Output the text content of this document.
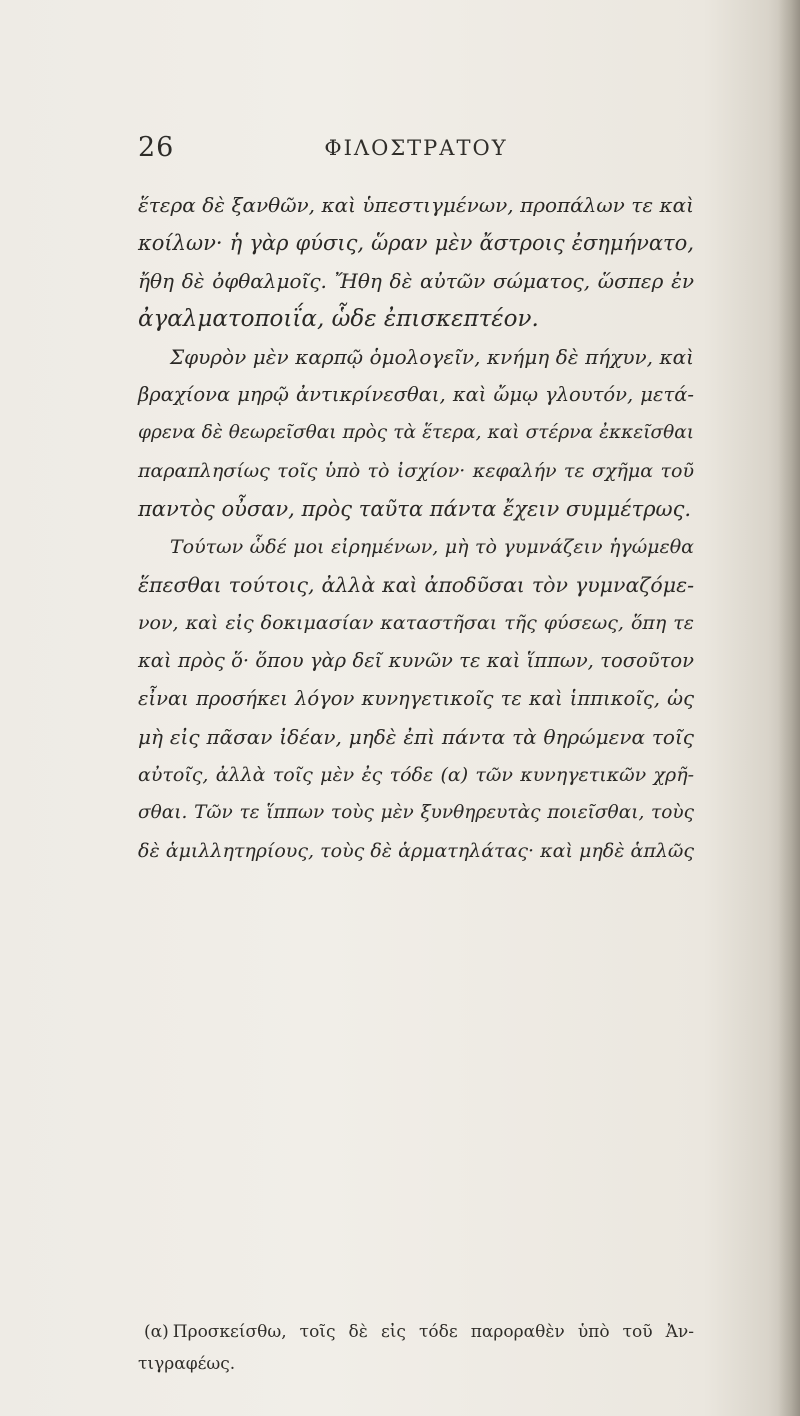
26	ΦΙΛΟΣΤΡΑΤΟΥ
ἕτερα δὲ ξανθῶν, καὶ ὑπεστιγμένων, προπάλων τε καὶ
κοίλων· ἡ γὰρ φύσις, ὥραν μὲν ἄστροις ἐσημήνατο,
ἤθη δὲ ὀφθαλμοῖς. Ἤθη δὲ αὐτῶν σώματος, ὥσπερ ἐν
ἀγαλματοποιΐα, ὧδε ἐπισκεπτέον.
Σφυρὸν μὲν καρπῷ ὁμολογεῖν, κνήμη δὲ πήχυν, καὶ
βραχίονα μηρῷ ἀντικρίνεσθαι, καὶ ὤμῳ γλουτόν, μετά-
φρενα δὲ θεωρεῖσθαι πρὸς τὰ ἕτερα, καὶ στέρνα ἐκκεῖσθαι
παραπλησίως τοῖς ὑπὸ τὸ ἰσχίον· κεφαλήν τε σχῆμα τοῦ
παντὸς οὖσαν, πρὸς ταῦτα πάντα ἔχειν συμμέτρως.
Τούτων ὧδέ μοι εἰρημένων, μὴ τὸ γυμνάζειν ἡγώμεθα
ἕπεσθαι τούτοις, ἀλλὰ καὶ ἀποδῦσαι τὸν γυμναζόμε-
νον, καὶ εἰς δοκιμασίαν καταστῆσαι τῆς φύσεως, ὅπη τε
καὶ πρὸς ὅ· ὅπου γὰρ δεῖ κυνῶν τε καὶ ἵππων, τοσοῦτον
εἶναι προσήκει λόγον κυνηγετικοῖς τε καὶ ἱππικοῖς, ὡς
μὴ εἰς πᾶσαν ἰδέαν, μηδὲ ἐπὶ πάντα τὰ θηρώμενα τοῖς
αὐτοῖς, ἀλλὰ τοῖς μὲν ἐς τόδε (α) τῶν κυνηγετικῶν χρῆ-
σθαι. Τῶν τε ἵππων τοὺς μὲν ξυνθηρευτὰς ποιεῖσθαι, τοὺς
δὲ ἁμιλλητηρίους, τοὺς δὲ ἁρματηλάτας· καὶ μηδὲ ἁπλῶς
(α) Προσκείσθω, τοῖς δὲ εἰς τόδε παροραθὲν ὑπὸ τοῦ Ἀν-
τιγραφέως.
